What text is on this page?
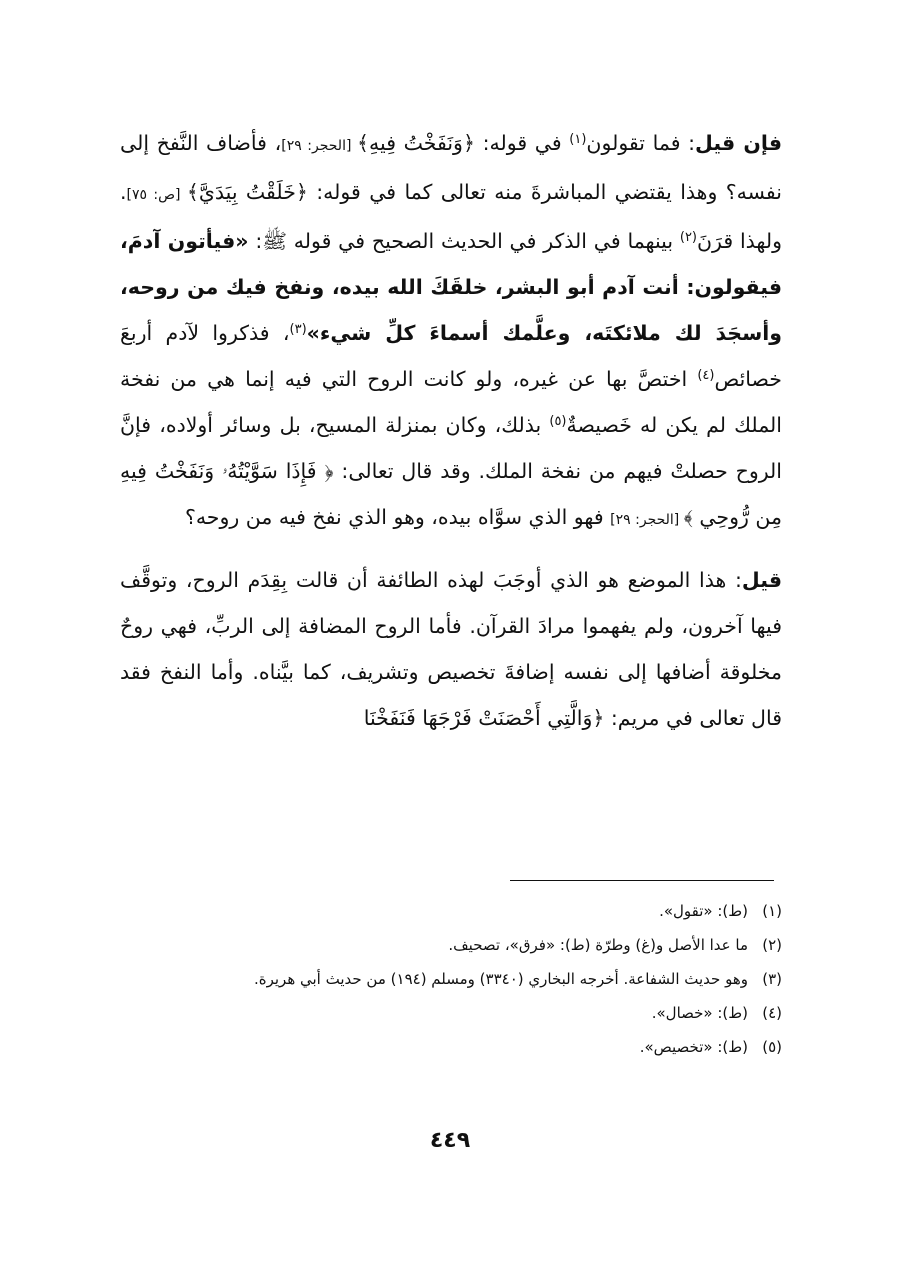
فإن قيل: فما تقولون$^{(١)}$ في قوله: ﴿وَنَفَخْتُ فِيهِ﴾ [الحجر: ٢٩]، فأضاف النَّفخ إلى نفسه؟ وهذا يقتضي المباشرةَ منه تعالى كما في قوله: ﴿خَلَقْتُ بِيَدَيَّ﴾ [ص: ٧٥]. ولهذا قرَنَ$^{(٢)}$ بينهما في الذكر في الحديث الصحيح في قوله ﷺ: «فيأتون آدمَ، فيقولون: أنت آدم أبو البشر، خلقَكَ الله بيده، ونفخ فيك من روحه، وأسجَدَ لك ملائكتَه، وعلَّمك أسماءَ كلِّ شيء»$^{(٣)}$، فذكروا لآدم أربعَ خصائص$^{(٤)}$ اختصَّ بها عن غيره، ولو كانت الروح التي فيه إنما هي من نفخة الملك لم يكن له خَصيصةٌ$^{(٥)}$ بذلك، وكان بمنزلة المسيح، بل وسائر أولاده، فإنَّ الروح حصلتْ فيهم من نفخة الملك. وقد قال تعالى: ﴿ فَإِذَا سَوَّيْتُهُۥ وَنَفَخْتُ فِيهِ مِن رُّوحِي ﴾ [الحجر: ٢٩] فهو الذي سوَّاه بيده، وهو الذي نفخ فيه من روحه؟

قيل: هذا الموضع هو الذي أوجَبَ لهذه الطائفة أن قالت بِقِدَم الروح، وتوقَّف فيها آخرون، ولم يفهموا مرادَ القرآن. فأما الروح المضافة إلى الربِّ، فهي روحٌ مخلوقة أضافها إلى نفسه إضافةَ تخصيص وتشريف، كما بيَّناه. وأما النفخ فقد قال تعالى في مريم: ﴿وَالَّتِي أَحْصَنَتْ فَرْجَهَا فَنَفَخْنَا

(١)
(ط): «تقول».

(٢)
ما عدا الأصل و(غ) وطرّة (ط): «فرق»، تصحيف.

(٣)
وهو حديث الشفاعة. أخرجه البخاري (٣٣٤٠) ومسلم (١٩٤) من حديث أبي هريرة.

(٤)
(ط): «خصال».

(٥)
(ط): «تخصيص».

٤٤٩
